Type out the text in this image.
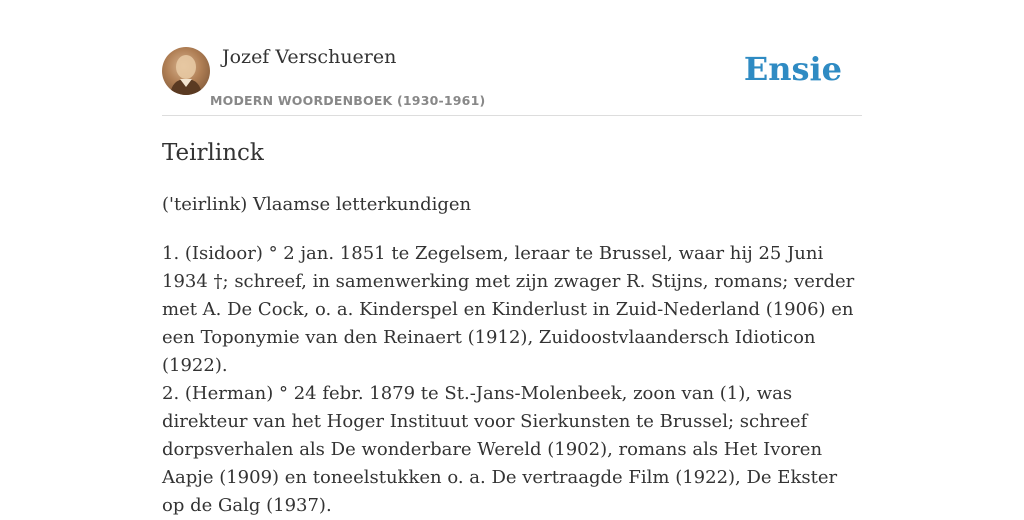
Jozef Verschueren
MODERN WOORDENBOEK (1930-1961)
Ensie
Teirlinck
('teirlink) Vlaamse letterkundigen

1. (Isidoor) ° 2 jan. 1851 te Zegelsem, leraar te Brussel, waar hij 25 Juni 1934 †; schreef, in samenwerking met zijn zwager R. Stijns, romans; verder met A. De Cock, o. a. Kinderspel en Kinderlust in Zuid-Nederland (1906) en een Toponymie van den Reinaert (1912), Zuidoostvlaandersch Idioticon (1922).

2. (Herman) ° 24 febr. 1879 te St.-Jans-Molenbeek, zoon van (1), was direkteur van het Hoger Instituut voor Sierkunsten te Brussel; schreef dorpsverhalen als De wonderbare Wereld (1902), romans als Het Ivoren Aapje (1909) en toneelstukken o. a. De vertraagde Film (1922), De Ekster op de Galg (1937).
